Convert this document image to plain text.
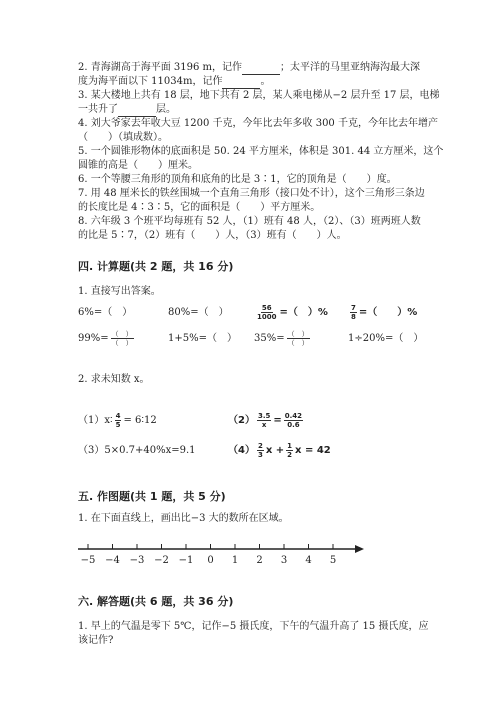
2. 青海湖高于海平面 3196 m，记作	；太平洋的马里亚纳海沟最大深
度为海平面以下 11034m，记作	。
3. 某大楼地上共有 18 层，地下共有 2 层，某人乘电梯从−2 层升至 17 层，电梯
一共升了	层。
4. 刘大爷家去年收大豆 1200 千克，今年比去年多收 300 千克，今年比去年增产
（　　）（填成数）。
5. 一个圆锥形物体的底面积是 50. 24 平方厘米，体积是 301. 44 立方厘米，这个
圆锥的高是（　　）厘米。
6. 一个等腰三角形的顶角和底角的比是 3∶1，它的顶角是（　　）度。
7. 用 48 厘米长的铁丝围城一个直角三角形（接口处不计），这个三角形三条边
的长度比是 4∶3∶5，它的面积是（　　）平方厘米。
8. 六年级 3 个班平均每班有 52 人，（1）班有 48 人，（2）、（3）班两班人数
的比是 5∶7，（2）班有（　　）人，（3）班有（　　）人。
四. 计算题(共 2 题，共 16 分)
1. 直接写出答案。
6%=（　）	80%=（　）	$\frac{56}{1000}$ =（　）%	$\frac{7}{8}$ =（　　）%
$99\%= \frac{( )}{( )}$	1+5%=（　） $35\%= \frac{( )}{( )}$	1÷20%=（　）
2. 求未知数 x。
（1）x∶ $\frac{4}{5}$ = 6∶12	$(2) \frac{3.5}{x} = \frac{0.42}{0.6}$
（3）5×0.7+40%x=9.1	$(4) \frac{2}{3}$ $x + \frac{1}{2}$ x = 42
五. 作图题(共 1 题，共 5 分)
1. 在下面直线上，画出比−3 大的数所在区域。
−5 −4 −3 −2 −1 0 1 2 3 4 5
六. 解答题(共 6 题，共 36 分)
1. 早上的气温是零下 5℃，记作−5 摄氏度，下午的气温升高了 15 摄氏度，应
该记作?
